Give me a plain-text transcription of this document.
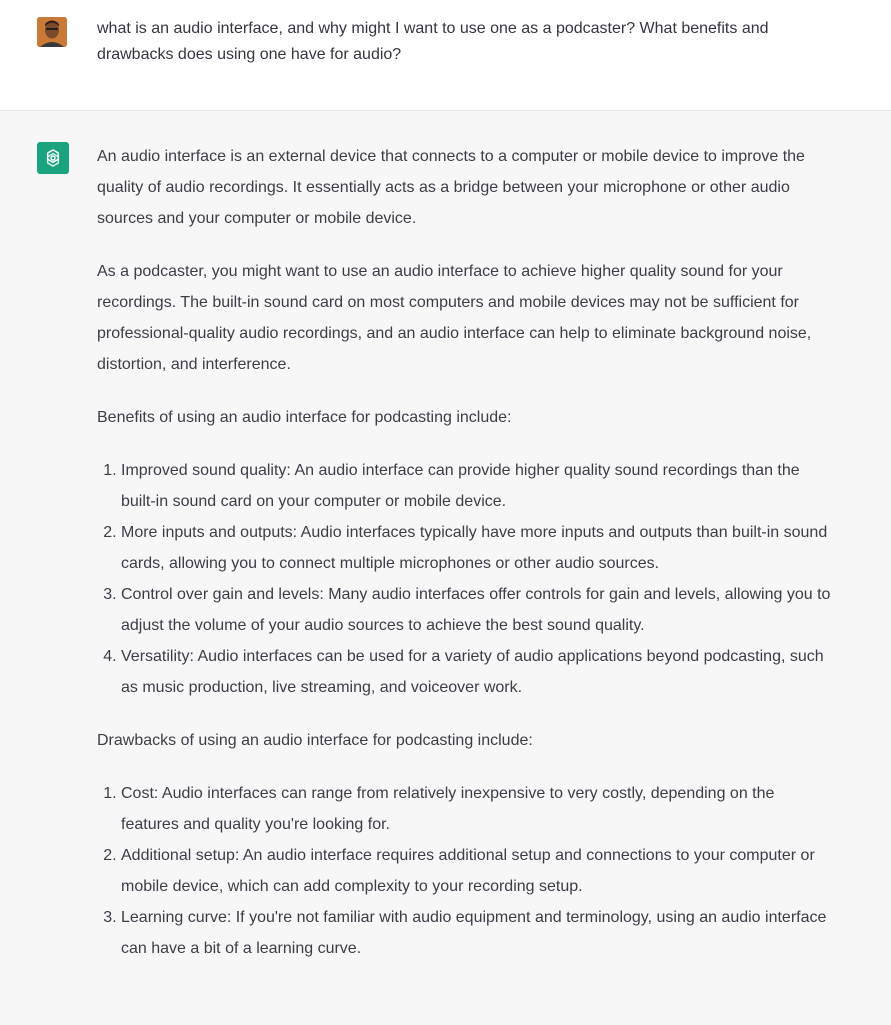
what is an audio interface, and why might I want to use one as a podcaster? What benefits and drawbacks does using one have for audio?

An audio interface is an external device that connects to a computer or mobile device to improve the quality of audio recordings. It essentially acts as a bridge between your microphone or other audio sources and your computer or mobile device.

As a podcaster, you might want to use an audio interface to achieve higher quality sound for your recordings. The built-in sound card on most computers and mobile devices may not be sufficient for professional-quality audio recordings, and an audio interface can help to eliminate background noise, distortion, and interference.

Benefits of using an audio interface for podcasting include:

1. Improved sound quality: An audio interface can provide higher quality sound recordings than the built-in sound card on your computer or mobile device.
2. More inputs and outputs: Audio interfaces typically have more inputs and outputs than built-in sound cards, allowing you to connect multiple microphones or other audio sources.
3. Control over gain and levels: Many audio interfaces offer controls for gain and levels, allowing you to adjust the volume of your audio sources to achieve the best sound quality.
4. Versatility: Audio interfaces can be used for a variety of audio applications beyond podcasting, such as music production, live streaming, and voiceover work.

Drawbacks of using an audio interface for podcasting include:

1. Cost: Audio interfaces can range from relatively inexpensive to very costly, depending on the features and quality you're looking for.
2. Additional setup: An audio interface requires additional setup and connections to your computer or mobile device, which can add complexity to your recording setup.
3. Learning curve: If you're not familiar with audio equipment and terminology, using an audio interface can have a bit of a learning curve.
